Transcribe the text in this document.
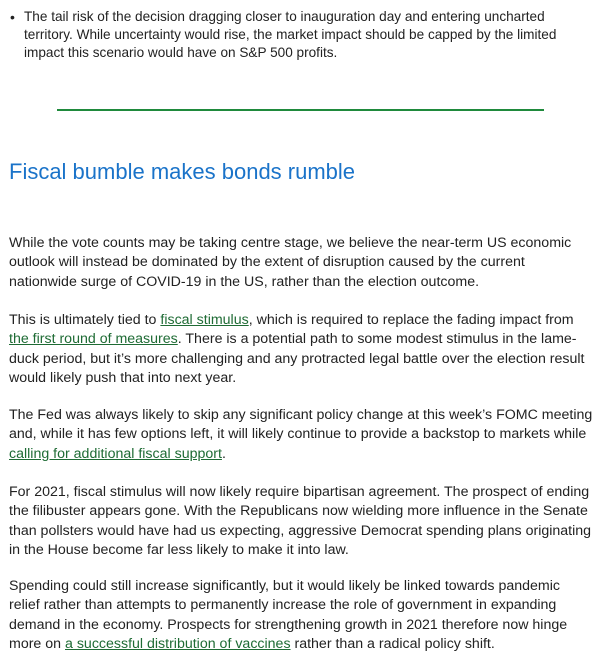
• The tail risk of the decision dragging closer to inauguration day and entering uncharted territory. While uncertainty would rise, the market impact should be capped by the limited impact this scenario would have on S&P 500 profits.
Fiscal bumble makes bonds rumble

While the vote counts may be taking centre stage, we believe the near-term US economic outlook will instead be dominated by the extent of disruption caused by the current nationwide surge of COVID-19 in the US, rather than the election outcome.

This is ultimately tied to fiscal stimulus, which is required to replace the fading impact from the first round of measures. There is a potential path to some modest stimulus in the lame-duck period, but it’s more challenging and any protracted legal battle over the election result would likely push that into next year.

The Fed was always likely to skip any significant policy change at this week’s FOMC meeting and, while it has few options left, it will likely continue to provide a backstop to markets while calling for additional fiscal support.

For 2021, fiscal stimulus will now likely require bipartisan agreement. The prospect of ending the filibuster appears gone. With the Republicans now wielding more influence in the Senate than pollsters would have had us expecting, aggressive Democrat spending plans originating in the House become far less likely to make it into law.

Spending could still increase significantly, but it would likely be linked towards pandemic relief rather than attempts to permanently increase the role of government in expanding demand in the economy. Prospects for strengthening growth in 2021 therefore now hinge more on a successful distribution of vaccines rather than a radical policy shift.
